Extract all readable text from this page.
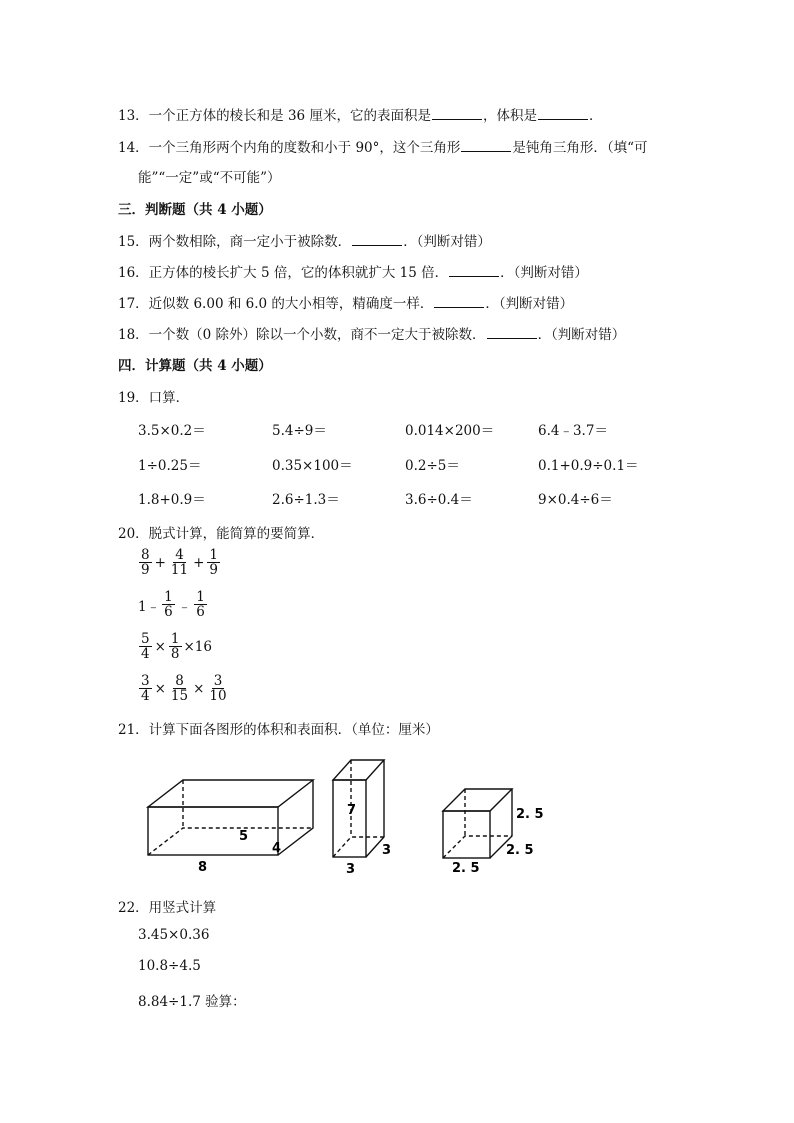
13．一个正方体的棱长和是 36 厘米，它的表面积是	，体积是	．
14．一个三角形两个内角的度数和小于 90°，这个三角形	是钝角三角形．（填“可
能”“一定”或“不可能”）
三．判断题（共 4 小题）
15．两个数相除，商一定小于被除数．	．（判断对错）
16．正方体的棱长扩大 5 倍，它的体积就扩大 15 倍．	．（判断对错）
17．近似数 6.00 和 6.0 的大小相等，精确度一样．	．（判断对错）
18．一个数（0 除外）除以一个小数，商不一定大于被除数．	．（判断对错）
四．计算题（共 4 小题）
19．口算．
3.5×0.2＝	5.4÷9＝	0.014×200＝	6.4﹣3.7＝
1÷0.25＝	0.35×100＝	0.2÷5＝	0.1+0.9÷0.1＝
1.8+0.9＝	2.6÷1.3＝	3.6÷0.4＝	9×0.4÷6＝
20．脱式计算，能简算的要简算．
$\frac{8}{9} + \frac{4}{11} + \frac{1}{9}$
1﹣ $\frac{1}{6}$ ﹣ $\frac{1}{6}$
$\frac{5}{4} \times \frac{1}{8} \times 16$
$\frac{3}{4} \times \frac{8}{15} \times \frac{3}{10}$
21．计算下面各图形的体积和表面积．（单位：厘米）
8
4
5
7
3
3
2. 5
2. 5
2. 5
22．用竖式计算
3.45×0.36
10.8÷4.5
8.84÷1.7 验算：
